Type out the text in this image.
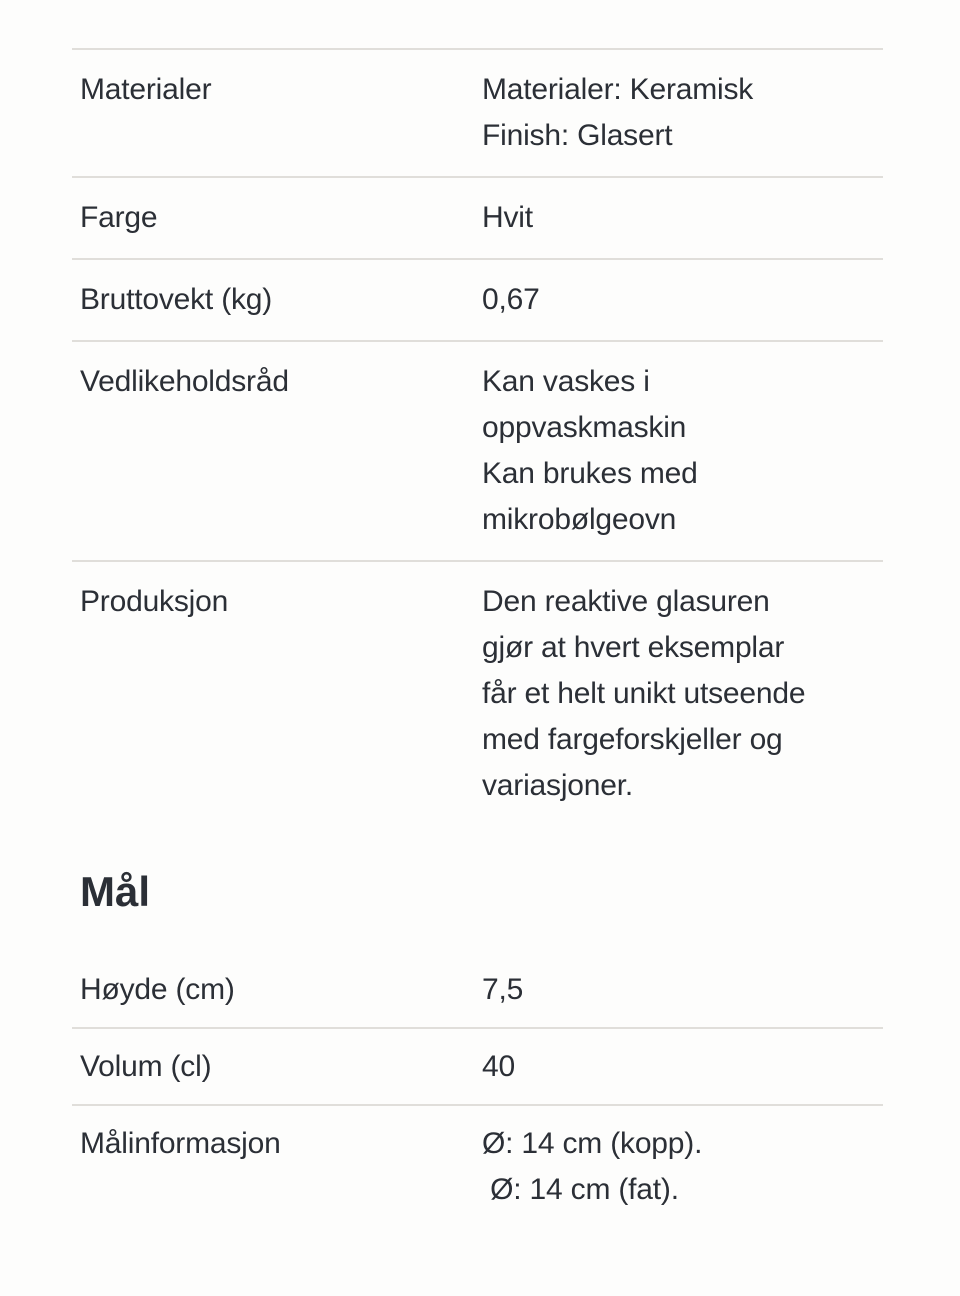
Materialer	Materialer: Keramisk
Finish: Glasert
Farge	Hvit
Bruttovekt (kg)	0,67
Vedlikeholdsråd	Kan vaskes i
oppvaskmaskin
Kan brukes med
mikrobølgeovn
Produksjon	Den reaktive glasuren
gjør at hvert eksemplar
får et helt unikt utseende
med fargeforskjeller og
variasjoner.
Mål
Høyde (cm)	7,5
Volum (cl)	40
Målinformasjon	Ø: 14 cm (kopp).
Ø: 14 cm (fat).
